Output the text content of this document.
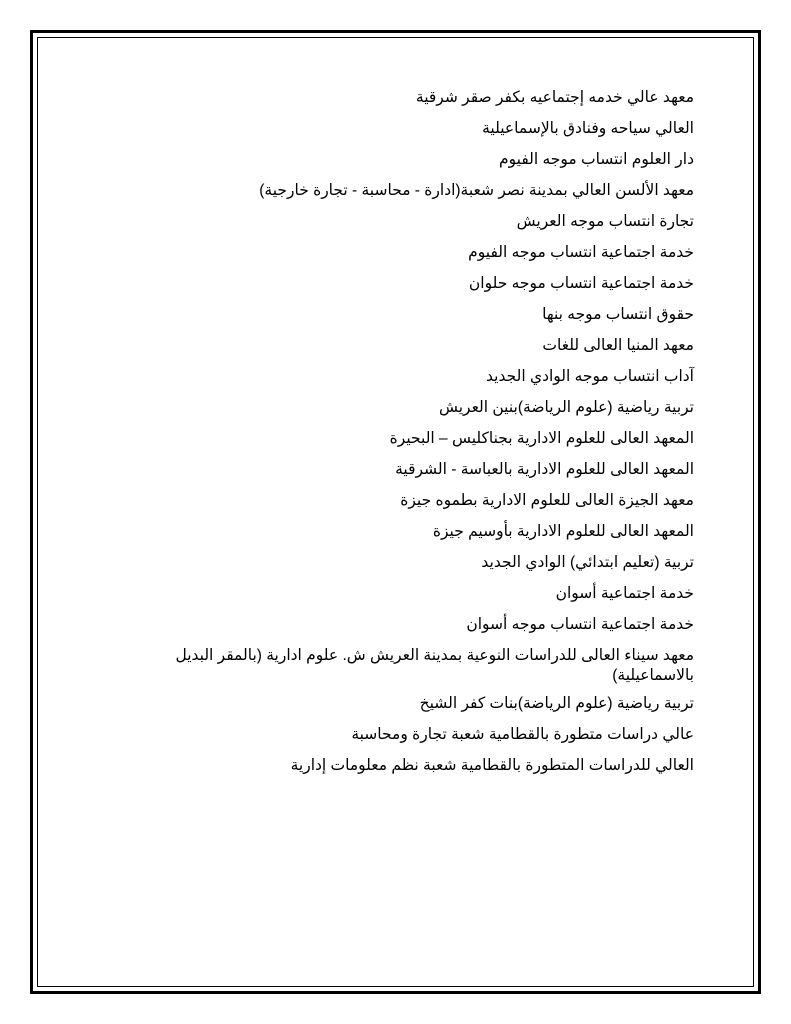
معهد عالي خدمه إجتماعيه بكفر صقر شرقية
العالي سياحه وفنادق بالإسماعيلية
دار العلوم انتساب موجه الفيوم
معهد الألسن العالي بمدينة نصر شعبة(ادارة - محاسبة - تجارة خارجية)
تجارة انتساب موجه العريش
خدمة اجتماعية انتساب موجه الفيوم
خدمة اجتماعية انتساب موجه حلوان
حقوق انتساب موجه بنها
معهد المنيا العالى للغات
آداب انتساب موجه الوادي الجديد
تربية رياضية (علوم الرياضة)بنين العريش
المعهد العالى للعلوم الادارية بجناكليس – البحيرة
المعهد العالى للعلوم الادارية بالعباسة - الشرقية
معهد الجيزة العالى للعلوم الادارية بطموه جيزة
المعهد العالى للعلوم الادارية بأوسيم جيزة
تربية (تعليم ابتدائي) الوادي الجديد
خدمة اجتماعية أسوان
خدمة اجتماعية انتساب موجه أسوان
معهد سيناء العالى للدراسات النوعية بمدينة العريش ش. علوم ادارية (بالمقر البديل بالاسماعيلية)
تربية رياضية (علوم الرياضة)بنات كفر الشيخ
عالي دراسات متطورة بالقطامية شعبة تجارة ومحاسبة
العالي للدراسات المتطورة بالقطامية شعبة نظم معلومات إدارية
